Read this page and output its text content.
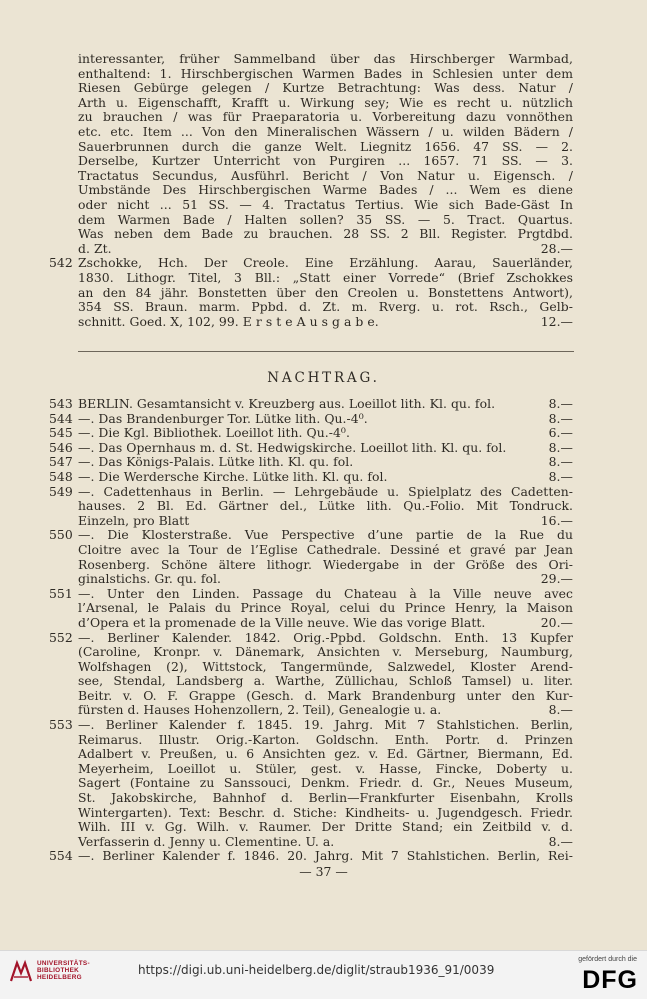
interessanter, früher Sammelband über das Hirschberger Warmbad,
enthaltend: 1. Hirschbergischen Warmen Bades in Schlesien unter dem
Riesen Gebürge gelegen / Kurtze Betrachtung: Was dess. Natur /
Arth u. Eigenschafft, Krafft u. Wirkung sey; Wie es recht u. nützlich
zu brauchen / was für Praeparatoria u. Vorbereitung dazu vonnöthen
etc. etc. Item ... Von den Mineralischen Wässern / u. wilden Bädern /
Sauerbrunnen durch die ganze Welt. Liegnitz 1656. 47 SS. — 2.
Derselbe, Kurtzer Unterricht von Purgiren ... 1657. 71 SS. — 3.
Tractatus Secundus, Ausführl. Bericht / Von Natur u. Eigensch. /
Umbstände Des Hirschbergischen Warme Bades / ... Wem es diene
oder nicht ... 51 SS. — 4. Tractatus Tertius. Wie sich Bade-Gäst In
dem Warmen Bade / Halten sollen? 35 SS. — 5. Tract. Quartus.
Was neben dem Bade zu brauchen. 28 SS. 2 Bll. Register. Prgtdbd.
d. Zt.	28.—
542 Zschokke, Hch. Der Creole. Eine Erzählung. Aarau, Sauerländer,
1830. Lithogr. Titel, 3 Bll.: „Statt einer Vorrede“ (Brief Zschokkes
an den 84 jähr. Bonstetten über den Creolen u. Bonstettens Antwort),
354 SS. Braun. marm. Ppbd. d. Zt. m. Rverg. u. rot. Rsch., Gelb-
schnitt. Goed. X, 102, 99. E r s t e A u s g a b e.	12.—
NACHTRAG.
543 BERLIN. Gesamtansicht v. Kreuzberg aus. Loeillot lith. Kl. qu. fol.	8.—
544 —. Das Brandenburger Tor. Lütke lith. Qu.-4⁰.	8.—
545 —. Die Kgl. Bibliothek. Loeillot lith. Qu.-4⁰.	6.—
546 —. Das Opernhaus m. d. St. Hedwigskirche. Loeillot lith. Kl. qu. fol.	8.—
547 —. Das Königs-Palais. Lütke lith. Kl. qu. fol.	8.—
548 —. Die Werdersche Kirche. Lütke lith. Kl. qu. fol.	8.—
549 —. Cadettenhaus in Berlin. — Lehrgebäude u. Spielplatz des Cadetten-
hauses. 2 Bl. Ed. Gärtner del., Lütke lith. Qu.-Folio. Mit Tondruck.
Einzeln, pro Blatt	16.—
550 —. Die Klosterstraße. Vue Perspective d’une partie de la Rue du
Cloitre avec la Tour de l’Eglise Cathedrale. Dessiné et gravé par Jean
Rosenberg. Schöne ältere lithogr. Wiedergabe in der Größe des Ori-
ginalstichs. Gr. qu. fol.	29.—
551 —. Unter den Linden. Passage du Chateau à la Ville neuve avec
l’Arsenal, le Palais du Prince Royal, celui du Prince Henry, la Maison
d’Opera et la promenade de la Ville neuve. Wie das vorige Blatt.	20.—
552 —. Berliner Kalender. 1842. Orig.-Ppbd. Goldschn. Enth. 13 Kupfer
(Caroline, Kronpr. v. Dänemark, Ansichten v. Merseburg, Naumburg,
Wolfshagen (2), Wittstock, Tangermünde, Salzwedel, Kloster Arend-
see, Stendal, Landsberg a. Warthe, Züllichau, Schloß Tamsel) u. liter.
Beitr. v. O. F. Grappe (Gesch. d. Mark Brandenburg unter den Kur-
fürsten d. Hauses Hohenzollern, 2. Teil), Genealogie u. a.	8.—
553 —. Berliner Kalender f. 1845. 19. Jahrg. Mit 7 Stahlstichen. Berlin,
Reimarus. Illustr. Orig.-Karton. Goldschn. Enth. Portr. d. Prinzen
Adalbert v. Preußen, u. 6 Ansichten gez. v. Ed. Gärtner, Biermann, Ed.
Meyerheim, Loeillot u. Stüler, gest. v. Hasse, Fincke, Doberty u.
Sagert (Fontaine zu Sanssouci, Denkm. Friedr. d. Gr., Neues Museum,
St. Jakobskirche, Bahnhof d. Berlin—Frankfurter Eisenbahn, Krolls
Wintergarten). Text: Beschr. d. Stiche: Kindheits- u. Jugendgesch. Friedr.
Wilh. III v. Gg. Wilh. v. Raumer. Der Dritte Stand; ein Zeitbild v. d.
Verfasserin d. Jenny u. Clementine. U. a.	8.—
554 —. Berliner Kalender f. 1846. 20. Jahrg. Mit 7 Stahlstichen. Berlin, Rei-
— 37 —
UNIVERSITÄTS-
BIBLIOTHEK
HEIDELBERG
https://digi.ub.uni-heidelberg.de/diglit/straub1936_91/0039
gefördert durch die
DFG
